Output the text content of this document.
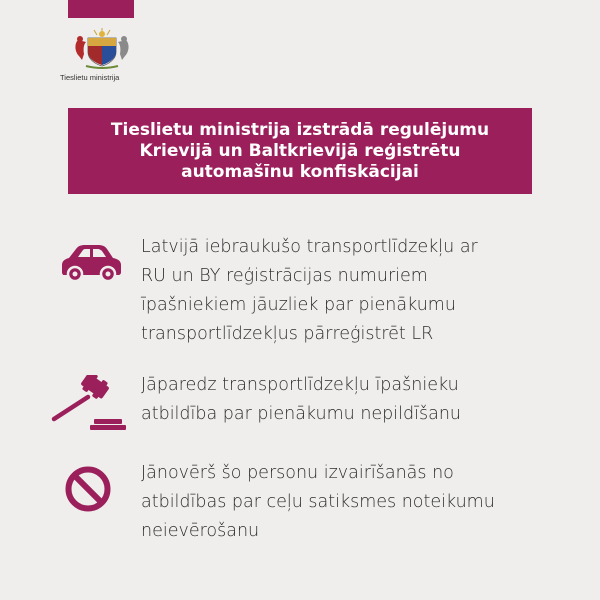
Tieslietu ministrija
Tieslietu ministrija izstrādā regulējumu
Krievijā un Baltkrievijā reģistrētu
automašīnu konfiskācijai
Latvijā iebraukušo transportlīdzekļu ar
RU un BY reģistrācijas numuriem
īpašniekiem jāuzliek par pienākumu
transportlīdzekļus pārreģistrēt LR
Jāparedz transportlīdzekļu īpašnieku
atbildība par pienākumu nepildīšanu
Jānovērš šo personu izvairīšanās no
atbildības par ceļu satiksmes noteikumu
neievērošanu
